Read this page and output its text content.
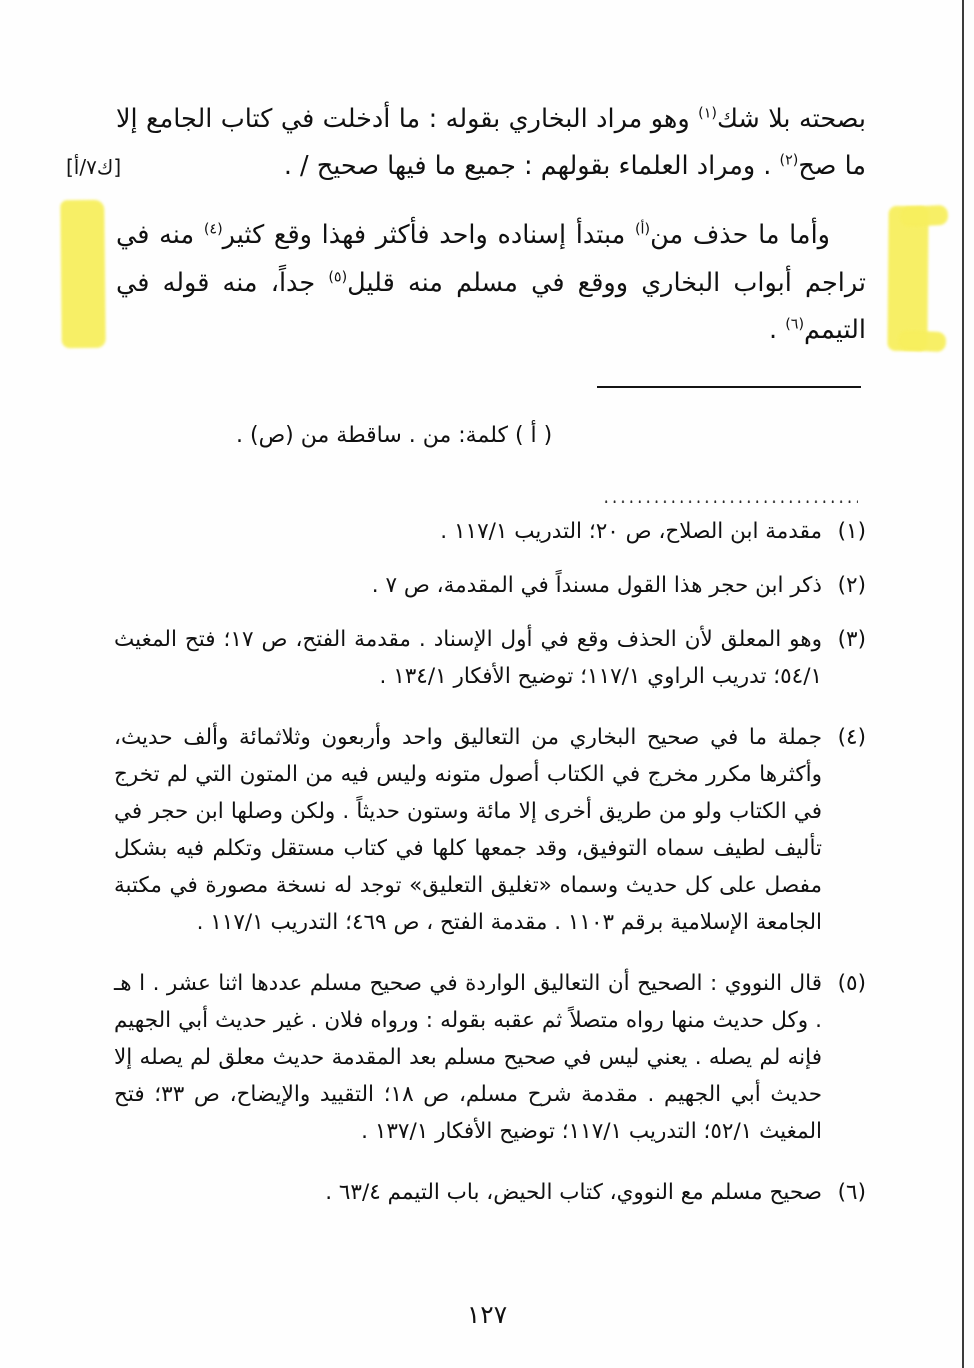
[ك٧/أ]

بصحته بلا شك$^{(١)}$ وهو مراد البخاري بقوله : ما أدخلت في كتاب الجامع إلا ما صح$^{(٢)}$ . ومراد العلماء بقولهم : جميع ما فيها صحيح / .

وأما ما حذف من$^{(أ)}$ مبتدأ إسناده واحد فأكثر فهذا وقع كثير$^{(٤)}$ منه في تراجم أبواب البخاري ووقع في مسلم منه قليل$^{(٥)}$ جداً، منه قوله في التيمم$^{(٦)}$ .

( أ ) كلمة: من . ساقطة من (ص) .
(١)
مقدمة ابن الصلاح، ص ٢٠؛ التدريب ١١٧/١ .
(٢)
ذكر ابن حجر هذا القول مسنداً في المقدمة، ص ٧ .
(٣)
وهو المعلق لأن الحذف وقع في أول الإسناد . مقدمة الفتح، ص ١٧؛ فتح المغيث ٥٤/١؛ تدريب الراوي ١١٧/١؛ توضيح الأفكار ١٣٤/١ .
(٤)
جملة ما في صحيح البخاري من التعاليق واحد وأربعون وثلاثمائة وألف حديث، وأكثرها مكرر مخرج في الكتاب أصول متونه وليس فيه من المتون التي لم تخرج في الكتاب ولو من طريق أخرى إلا مائة وستون حديثاً . ولكن وصلها ابن حجر في تأليف لطيف سماه التوفيق، وقد جمعها كلها في كتاب مستقل وتكلم فيه بشكل مفصل على كل حديث وسماه «تغليق التعليق» توجد له نسخة مصورة في مكتبة الجامعة الإسلامية برقم ١١٠٣ . مقدمة الفتح ، ص ٤٦٩؛ التدريب ١١٧/١ .
(٥)
قال النووي : الصحيح أن التعاليق الواردة في صحيح مسلم عددها اثنا عشر . ا هـ . وكل حديث منها رواه متصلاً ثم عقبه بقوله : ورواه فلان . غير حديث أبي الجهيم فإنه لم يصله . يعني ليس في صحيح مسلم بعد المقدمة حديث معلق لم يصله إلا حديث أبي الجهيم . مقدمة شرح مسلم، ص ١٨؛ التقييد والإيضاح، ص ٣٣؛ فتح المغيث ٥٢/١؛ التدريب ١١٧/١؛ توضيح الأفكار ١٣٧/١ .
(٦)
صحيح مسلم مع النووي، كتاب الحيض، باب التيمم ٦٣/٤ .
١٢٧
